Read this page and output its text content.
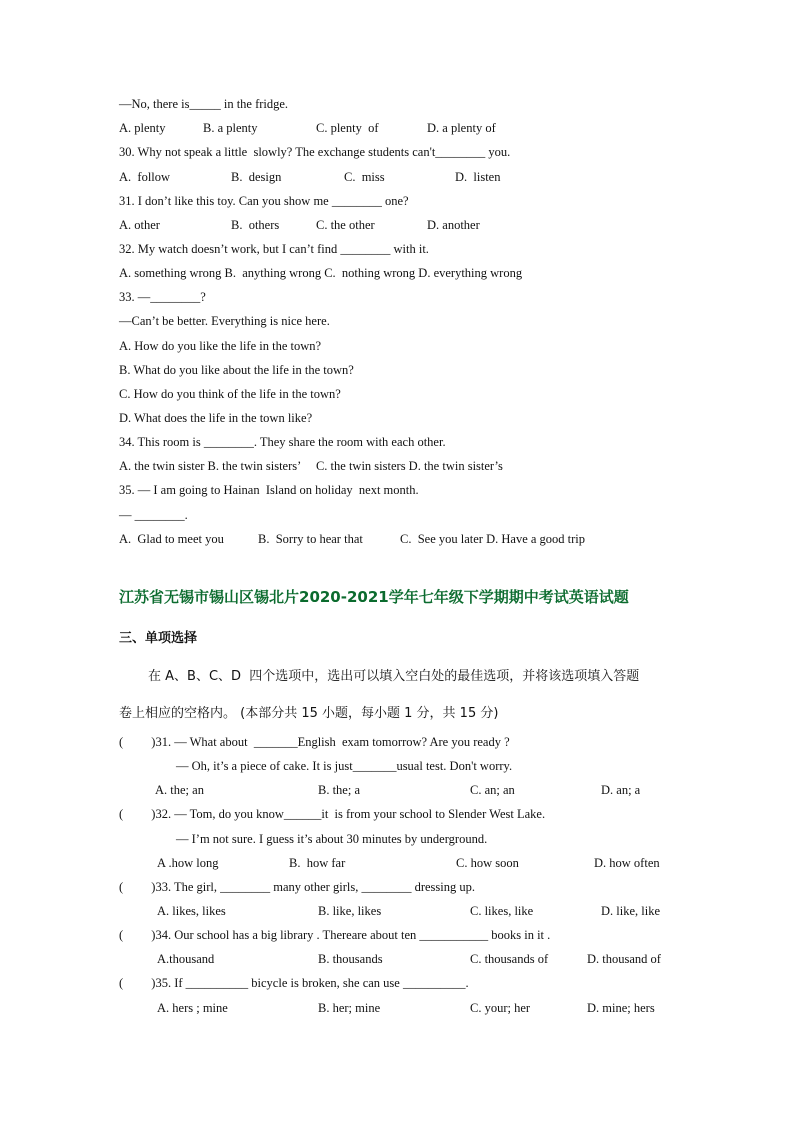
—No, there is_____ in the fridge.
A. plenty	B. a plenty	C. plenty  of	D. a plenty of
30. Why not speak a little  slowly? The exchange students can't________ you.
A.  follow	B.  design	C.  miss	D.  listen
31. I don’t like this toy. Can you show me ________ one?
A. other	B.  others	C. the other	D. another
32. My watch doesn’t work, but I can’t find ________ with it.
A. something wrong B.  anything wrong C.  nothing wrong D. everything wrong
33. —________?
—Can’t be better. Everything is nice here.
A. How do you like the life in the town?
B. What do you like about the life in the town?
C. How do you think of the life in the town?
D. What does the life in the town like?
34. This room is ________. They share the room with each other.
A. the twin sister B. the twin sisters’     C. the twin sisters D. the twin sister’s
35. — I am going to Hainan  Island on holiday  next month.
— ________.
A.  Glad to meet you	B.  Sorry to hear that	C.  See you later D. Have a good trip
江苏省无锡市锡山区锡北片2020-2021学年七年级下学期期中考试英语试题
三、单项选择
在 A、B、C、D  四个选项中，选出可以填入空白处的最佳选项，并将该选项填入答题
卷上相应的空格内。 (本部分共 15 小题，每小题 1 分，共 15 分)
(         )31. — What about  _______English  exam tomorrow? Are you ready ?
— Oh, it’s a piece of cake. It is just_______usual test. Don't worry.
A. the; an	B. the; a	C. an; an	D. an; a
(         )32. — Tom, do you know______it  is from your school to Slender West Lake.
— I’m not sure. I guess it’s about 30 minutes by underground.
A .how long	B.  how far	C. how soon	D. how often
(         )33. The girl, ________ many other girls, ________ dressing up.
A. likes, likes	B. like, likes	C. likes, like	D. like, like
(         )34. Our school has a big library . Thereare about ten ___________ books in it .
A.thousand	B. thousands	C. thousands of	D. thousand of
(         )35. If __________ bicycle is broken, she can use __________.
A. hers ; mine	B. her; mine	C. your; her	D. mine; hers
